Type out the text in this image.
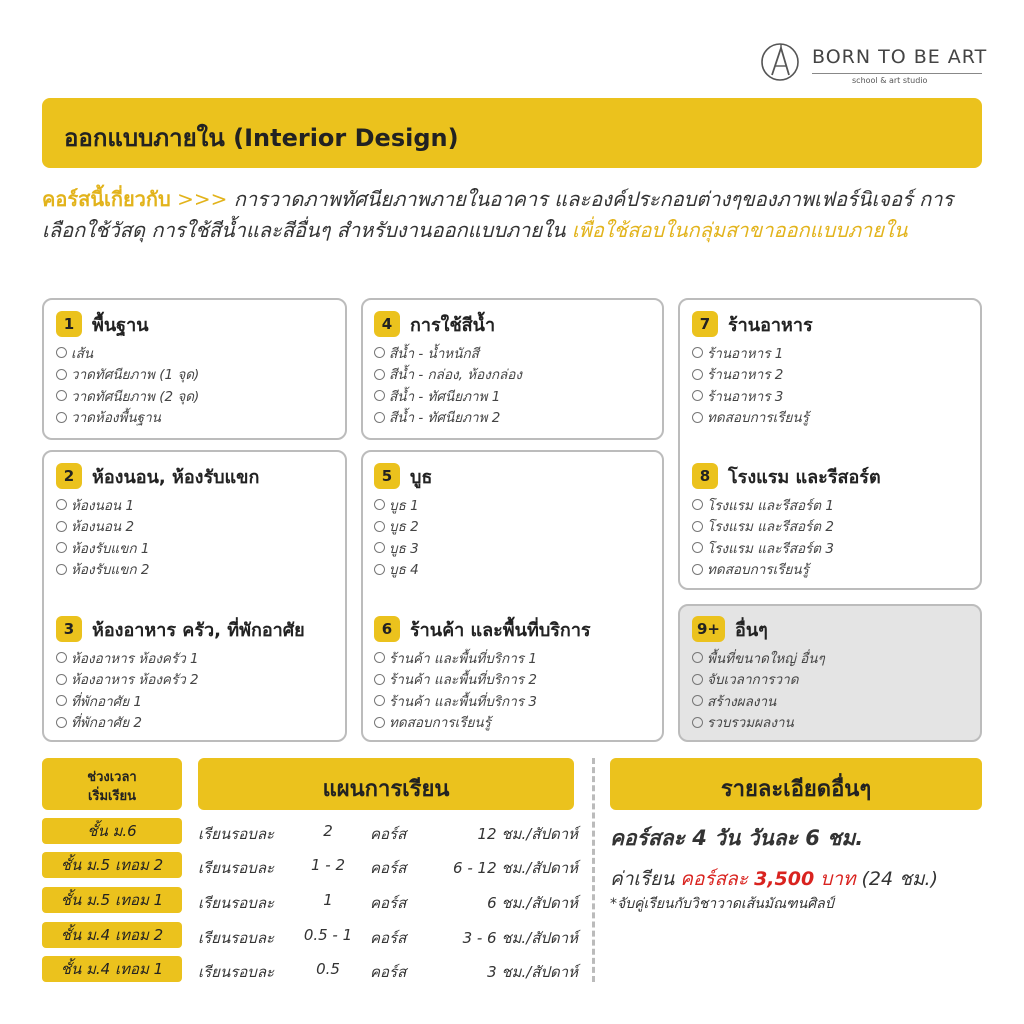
BORN TO BE ART
school & art studio
ออกแบบภายใน (Interior Design)
คอร์สนี้เกี่ยวกับ >>> การวาดภาพทัศนียภาพภายในอาคาร และองค์ประกอบต่างๆของภาพเฟอร์นิเจอร์ การเลือกใช้วัสดุ การใช้สีน้ำและสีอื่นๆ สำหรับงานออกแบบภายใน เพื่อใช้สอบในกลุ่มสาขาออกแบบภายใน
1 พื้นฐาน
เส้น
วาดทัศนียภาพ (1 จุด)
วาดทัศนียภาพ (2 จุด)
วาดห้องพื้นฐาน
2 ห้องนอน, ห้องรับแขก
ห้องนอน 1
ห้องนอน 2
ห้องรับแขก 1
ห้องรับแขก 2
3 ห้องอาหาร ครัว, ที่พักอาศัย
ห้องอาหาร ห้องครัว 1
ห้องอาหาร ห้องครัว 2
ที่พักอาศัย 1
ที่พักอาศัย 2
4 การใช้สีน้ำ
สีน้ำ - น้ำหนักสี
สีน้ำ - กล่อง, ห้องกล่อง
สีน้ำ - ทัศนียภาพ 1
สีน้ำ - ทัศนียภาพ 2
5 บูธ
บูธ 1
บูธ 2
บูธ 3
บูธ 4
6 ร้านค้า และพื้นที่บริการ
ร้านค้า และพื้นที่บริการ 1
ร้านค้า และพื้นที่บริการ 2
ร้านค้า และพื้นที่บริการ 3
ทดสอบการเรียนรู้
7 ร้านอาหาร
ร้านอาหาร 1
ร้านอาหาร 2
ร้านอาหาร 3
ทดสอบการเรียนรู้
8 โรงแรม และรีสอร์ต
โรงแรม และรีสอร์ต 1
โรงแรม และรีสอร์ต 2
โรงแรม และรีสอร์ต 3
ทดสอบการเรียนรู้
9+ อื่นๆ
พื้นที่ขนาดใหญ่ อื่นๆ
จับเวลาการวาด
สร้างผลงาน
รวบรวมผลงาน
ช่วงเวลา
เริ่มเรียน	แผนการเรียน
ชั้น ม.6	เรียนรอบละ	2	คอร์ส	12 ชม./สัปดาห์
ชั้น ม.5 เทอม 2	เรียนรอบละ	1 - 2	คอร์ส	6 - 12 ชม./สัปดาห์
ชั้น ม.5 เทอม 1	เรียนรอบละ	1	คอร์ส	6 ชม./สัปดาห์
ชั้น ม.4 เทอม 2	เรียนรอบละ	0.5 - 1	คอร์ส	3 - 6 ชม./สัปดาห์
ชั้น ม.4 เทอม 1	เรียนรอบละ	0.5	คอร์ส	3 ชม./สัปดาห์
รายละเอียดอื่นๆ
คอร์สละ 4 วัน วันละ 6 ชม.
ค่าเรียน คอร์สละ 3,500 บาท (24 ชม.)
*จับคู่เรียนกับวิชาวาดเส้นมัณฑนศิลป์
